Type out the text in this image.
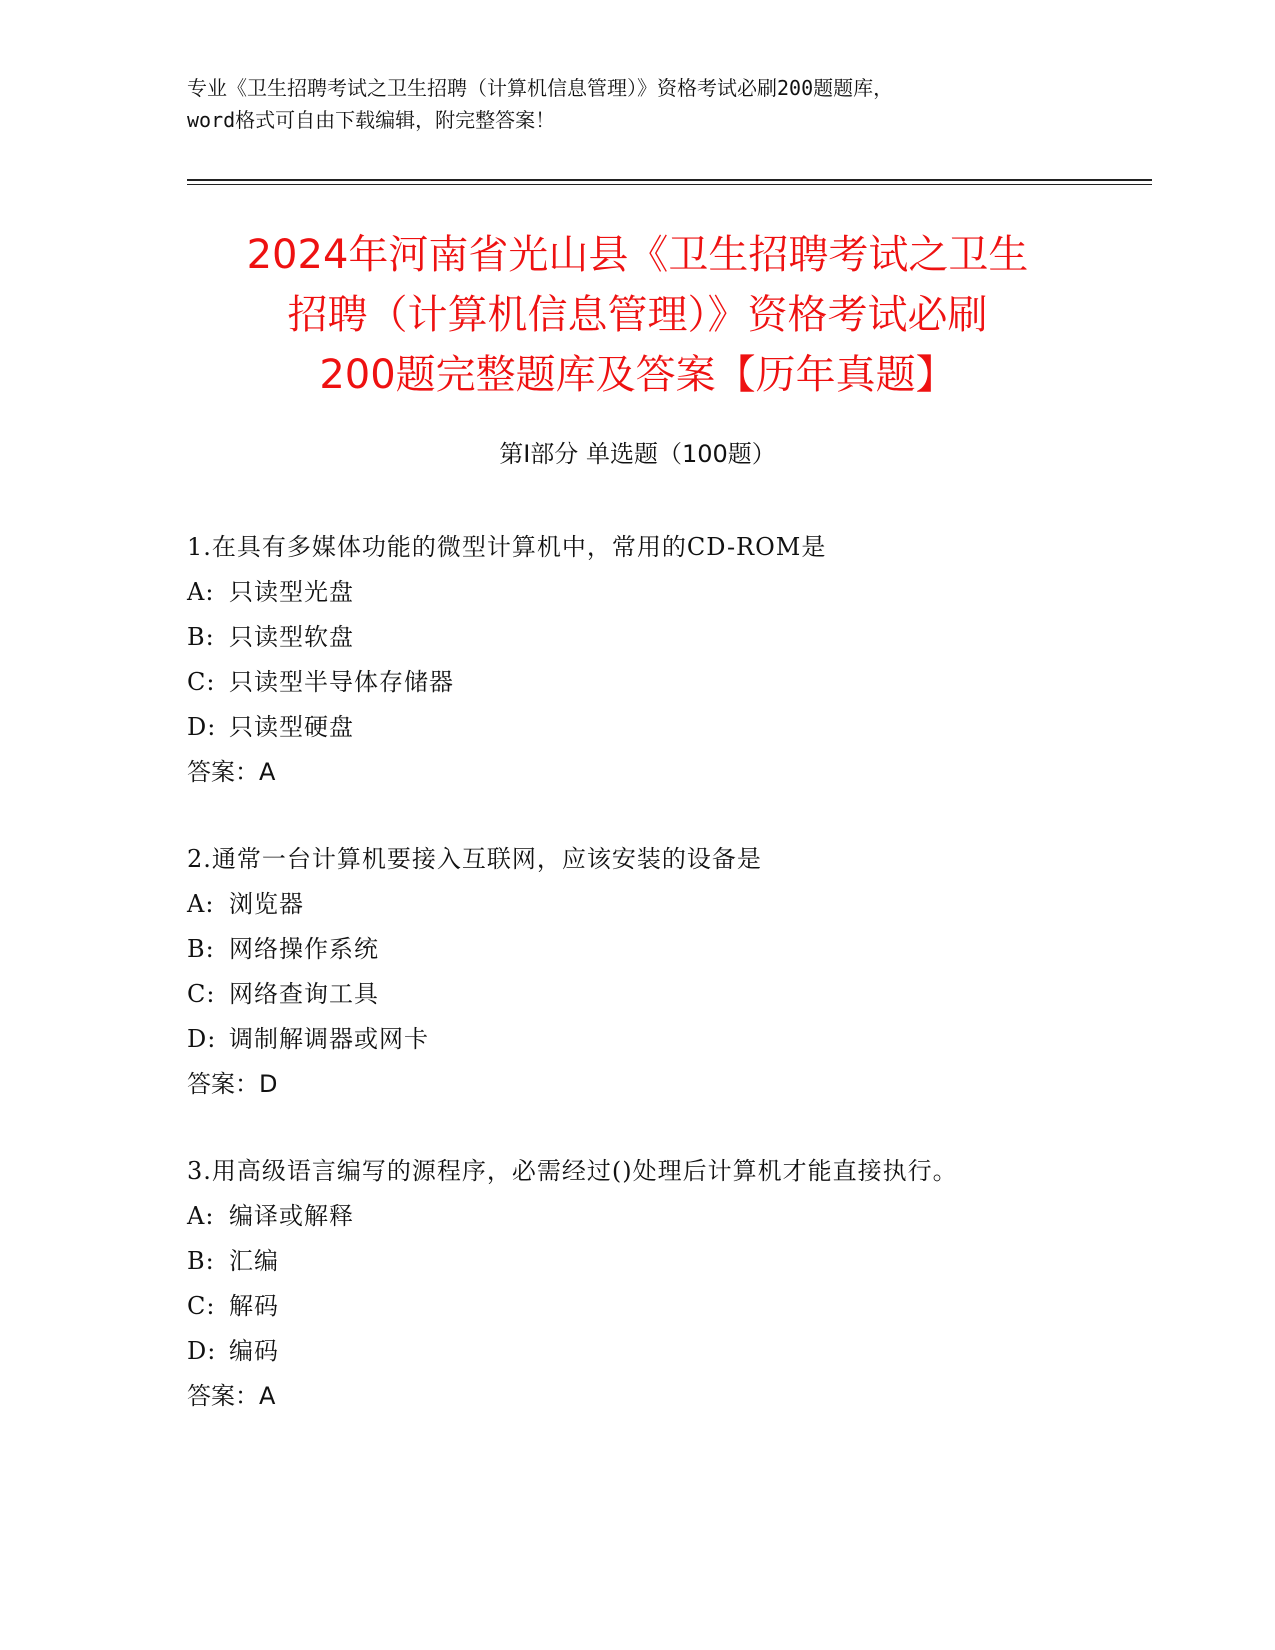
专业《卫生招聘考试之卫生招聘（计算机信息管理）》资格考试必刷200题题库，
word格式可自由下载编辑，附完整答案！
2024年河南省光山县《卫生招聘考试之卫生
招聘（计算机信息管理）》资格考试必刷
200题完整题库及答案【历年真题】
第Ⅰ部分 单选题（100题）
1.在具有多媒体功能的微型计算机中，常用的CD-ROM是
A: 只读型光盘
B: 只读型软盘
C: 只读型半导体存储器
D: 只读型硬盘
答案：A
2.通常一台计算机要接入互联网，应该安装的设备是
A: 浏览器
B: 网络操作系统
C: 网络查询工具
D: 调制解调器或网卡
答案：D
3.用高级语言编写的源程序，必需经过()处理后计算机才能直接执行。
A: 编译或解释
B: 汇编
C: 解码
D: 编码
答案：A
